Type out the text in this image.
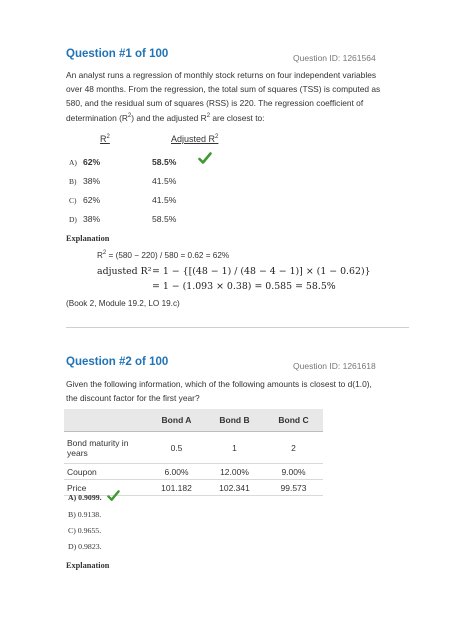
Question #1 of 100	Question ID: 1261564
An analyst runs a regression of monthly stock returns on four independent variables
over 48 months. From the regression, the total sum of squares (TSS) is computed as
580, and the residual sum of squares (RSS) is 220. The regression coefficient of
determination $(R^2)$ and the adjusted $R^2$ are closest to:
$R^2$	Adjusted $R^2$
A) 62%	58.5%
B) 38%	41.5%
C) 62%	41.5%
D) 38%	58.5%
Explanation
$R^2 = (580 - 220) / 580 = 0.62 = 62\%$
adjusted R² = 1 − {[(48 − 1) / (48 − 4 − 1)] × (1 − 0.62)}
= 1 − (1.093 × 0.38) = 0.585 = 58.5%
(Book 2, Module 19.2, LO 19.c)
Question #2 of 100	Question ID: 1261618
Given the following information, which of the following amounts is closest to d(1.0),
the discount factor for the first year?
	Bond A	Bond B	Bond C

Bond maturity in
years	0.5	1	2
Coupon	6.00%	12.00%	9.00%
Price	101.182	102.341	99.573
A) 0.9099.
B) 0.9138.
C) 0.9655.
D) 0.9823.
Explanation
